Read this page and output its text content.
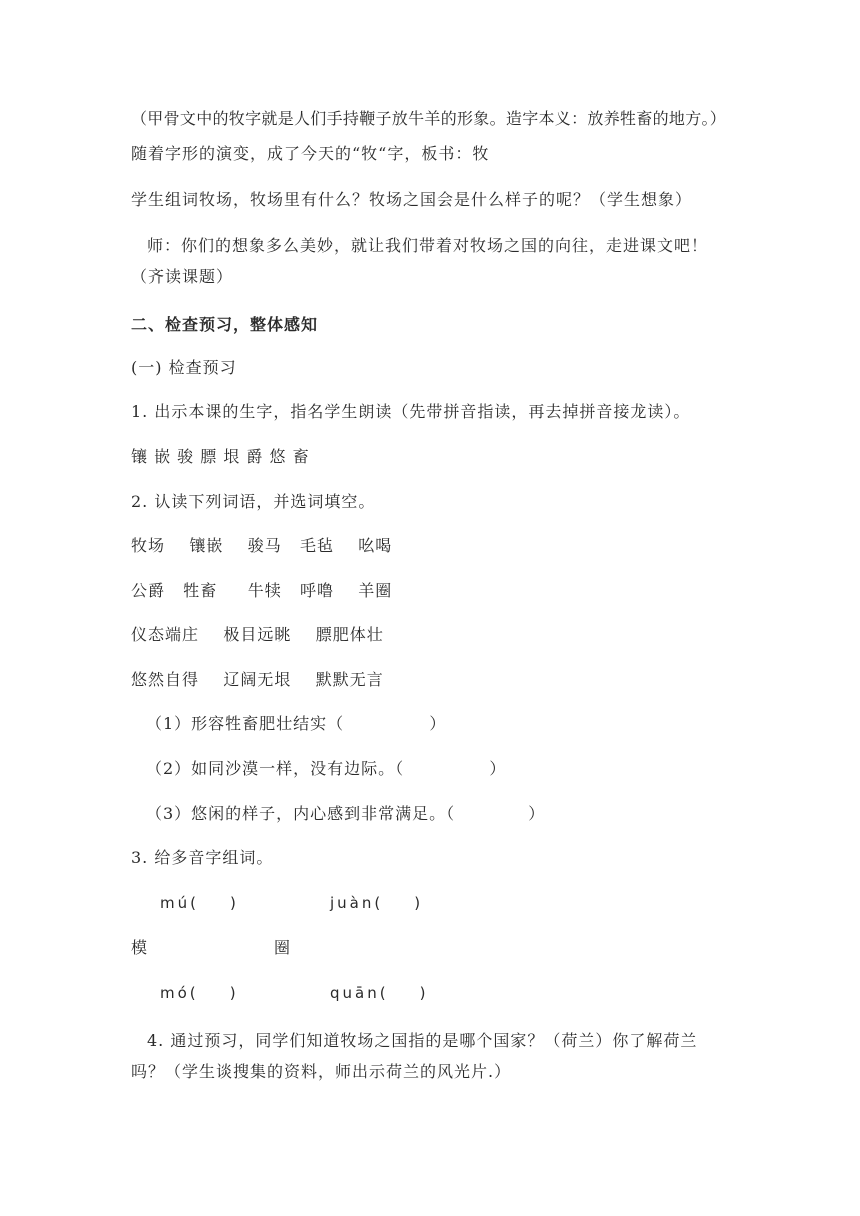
（甲骨文中的牧字就是人们手持鞭子放牛羊的形象。造字本义：放养牲畜的地方。）
随着字形的演变，成了今天的“牧“字，板书：牧
学生组词牧场，牧场里有什么？牧场之国会是什么样子的呢？（学生想象）
师：你们的想象多么美妙，就让我们带着对牧场之国的向往，走进课文吧！（齐读课题）
二、检查预习，整体感知
(一) 检查预习
1. 出示本课的生字，指名学生朗读（先带拼音指读，再去掉拼音接龙读）。
镶 嵌 骏 膘 垠 爵 悠 畜
2. 认读下列词语，并选词填空。
牧场    镶嵌    骏马   毛毡    吆喝
公爵   牲畜     牛犊   呼噜    羊圈
仪态端庄    极目远眺    膘肥体壮
悠然自得    辽阔无垠    默默无言
（1）形容牲畜肥壮结实（              ）
（2）如同沙漠一样，没有边际。（              ）
（3）悠闲的样子，内心感到非常满足。（            ）
3. 给多音字组词。
mú(    )	juàn(    )
模	圈
mó(    )	quān(    )
4. 通过预习，同学们知道牧场之国指的是哪个国家？（荷兰）你了解荷兰吗？（学生谈搜集的资料，师出示荷兰的风光片.）
